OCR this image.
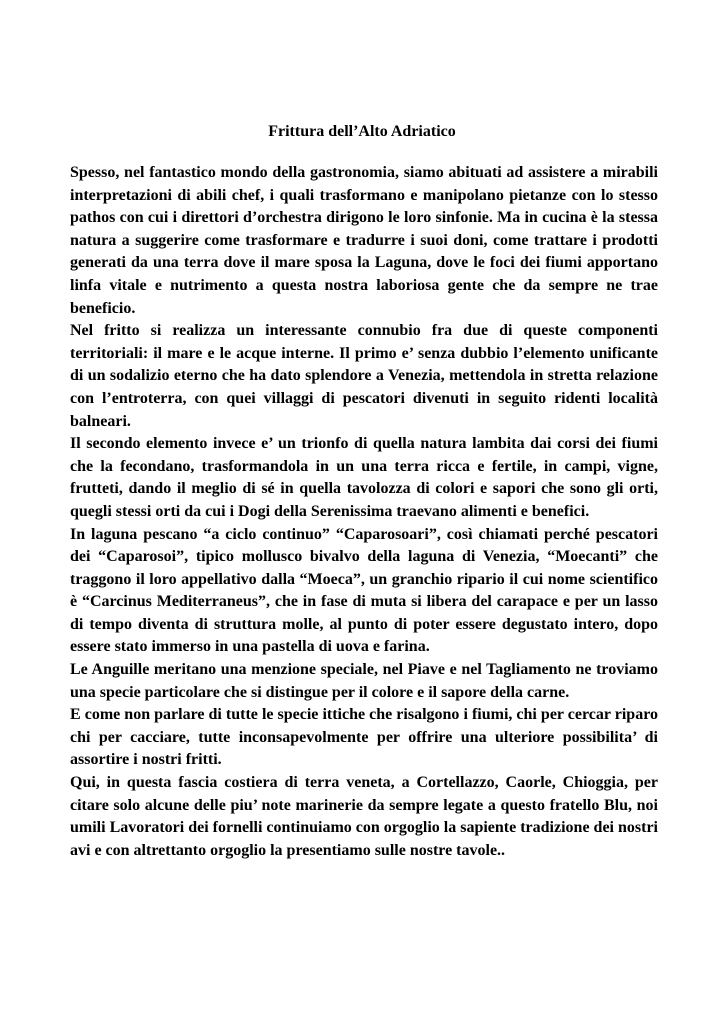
Frittura dell’Alto Adriatico

Spesso, nel fantastico mondo della gastronomia, siamo abituati ad assistere a mirabili interpretazioni di abili chef, i quali trasformano e manipolano pietanze con lo stesso pathos con cui i direttori d’orchestra dirigono le loro sinfonie. Ma in cucina è la stessa natura a suggerire come trasformare e tradurre i suoi doni, come trattare i prodotti generati da una terra dove il mare sposa la Laguna, dove le foci dei fiumi apportano linfa vitale e nutrimento a questa nostra laboriosa gente che da sempre ne trae beneficio.

Nel fritto si realizza un interessante connubio fra due di queste componenti territoriali: il mare e le acque interne. Il primo e’ senza dubbio l’elemento unificante di un sodalizio eterno che ha dato splendore a Venezia, mettendola in stretta relazione con l’entroterra, con quei villaggi di pescatori divenuti in seguito ridenti località balneari.

Il secondo elemento invece e’ un trionfo di quella natura lambita dai corsi dei fiumi che la fecondano, trasformandola in un una terra ricca e fertile, in campi, vigne, frutteti, dando il meglio di sé in quella tavolozza di colori e sapori che sono gli orti, quegli stessi orti da cui i Dogi della Serenissima traevano alimenti e benefici.

In laguna pescano “a ciclo continuo” “Caparosoari”, così chiamati perché pescatori dei “Caparosoi”, tipico mollusco bivalvo della laguna di Venezia, “Moecanti” che traggono il loro appellativo dalla “Moeca”, un granchio ripario il cui nome scientifico è “Carcinus Mediterraneus”, che in fase di muta si libera del carapace e per un lasso di tempo diventa di struttura molle, al punto di poter essere degustato intero, dopo essere stato immerso in una pastella di uova e farina.

Le Anguille meritano una menzione speciale, nel Piave e nel Tagliamento ne troviamo una specie particolare che si distingue per il colore e il sapore della carne.

E come non parlare di tutte le specie ittiche che risalgono i fiumi, chi per cercar riparo chi per cacciare, tutte inconsapevolmente per offrire una ulteriore possibilita’ di assortire i nostri fritti.

Qui, in questa fascia costiera di terra veneta, a Cortellazzo, Caorle, Chioggia, per citare solo alcune delle piu’ note marinerie da sempre legate a questo fratello Blu, noi umili Lavoratori dei fornelli continuiamo con orgoglio la sapiente tradizione dei nostri avi e con altrettanto orgoglio la presentiamo sulle nostre tavole..
